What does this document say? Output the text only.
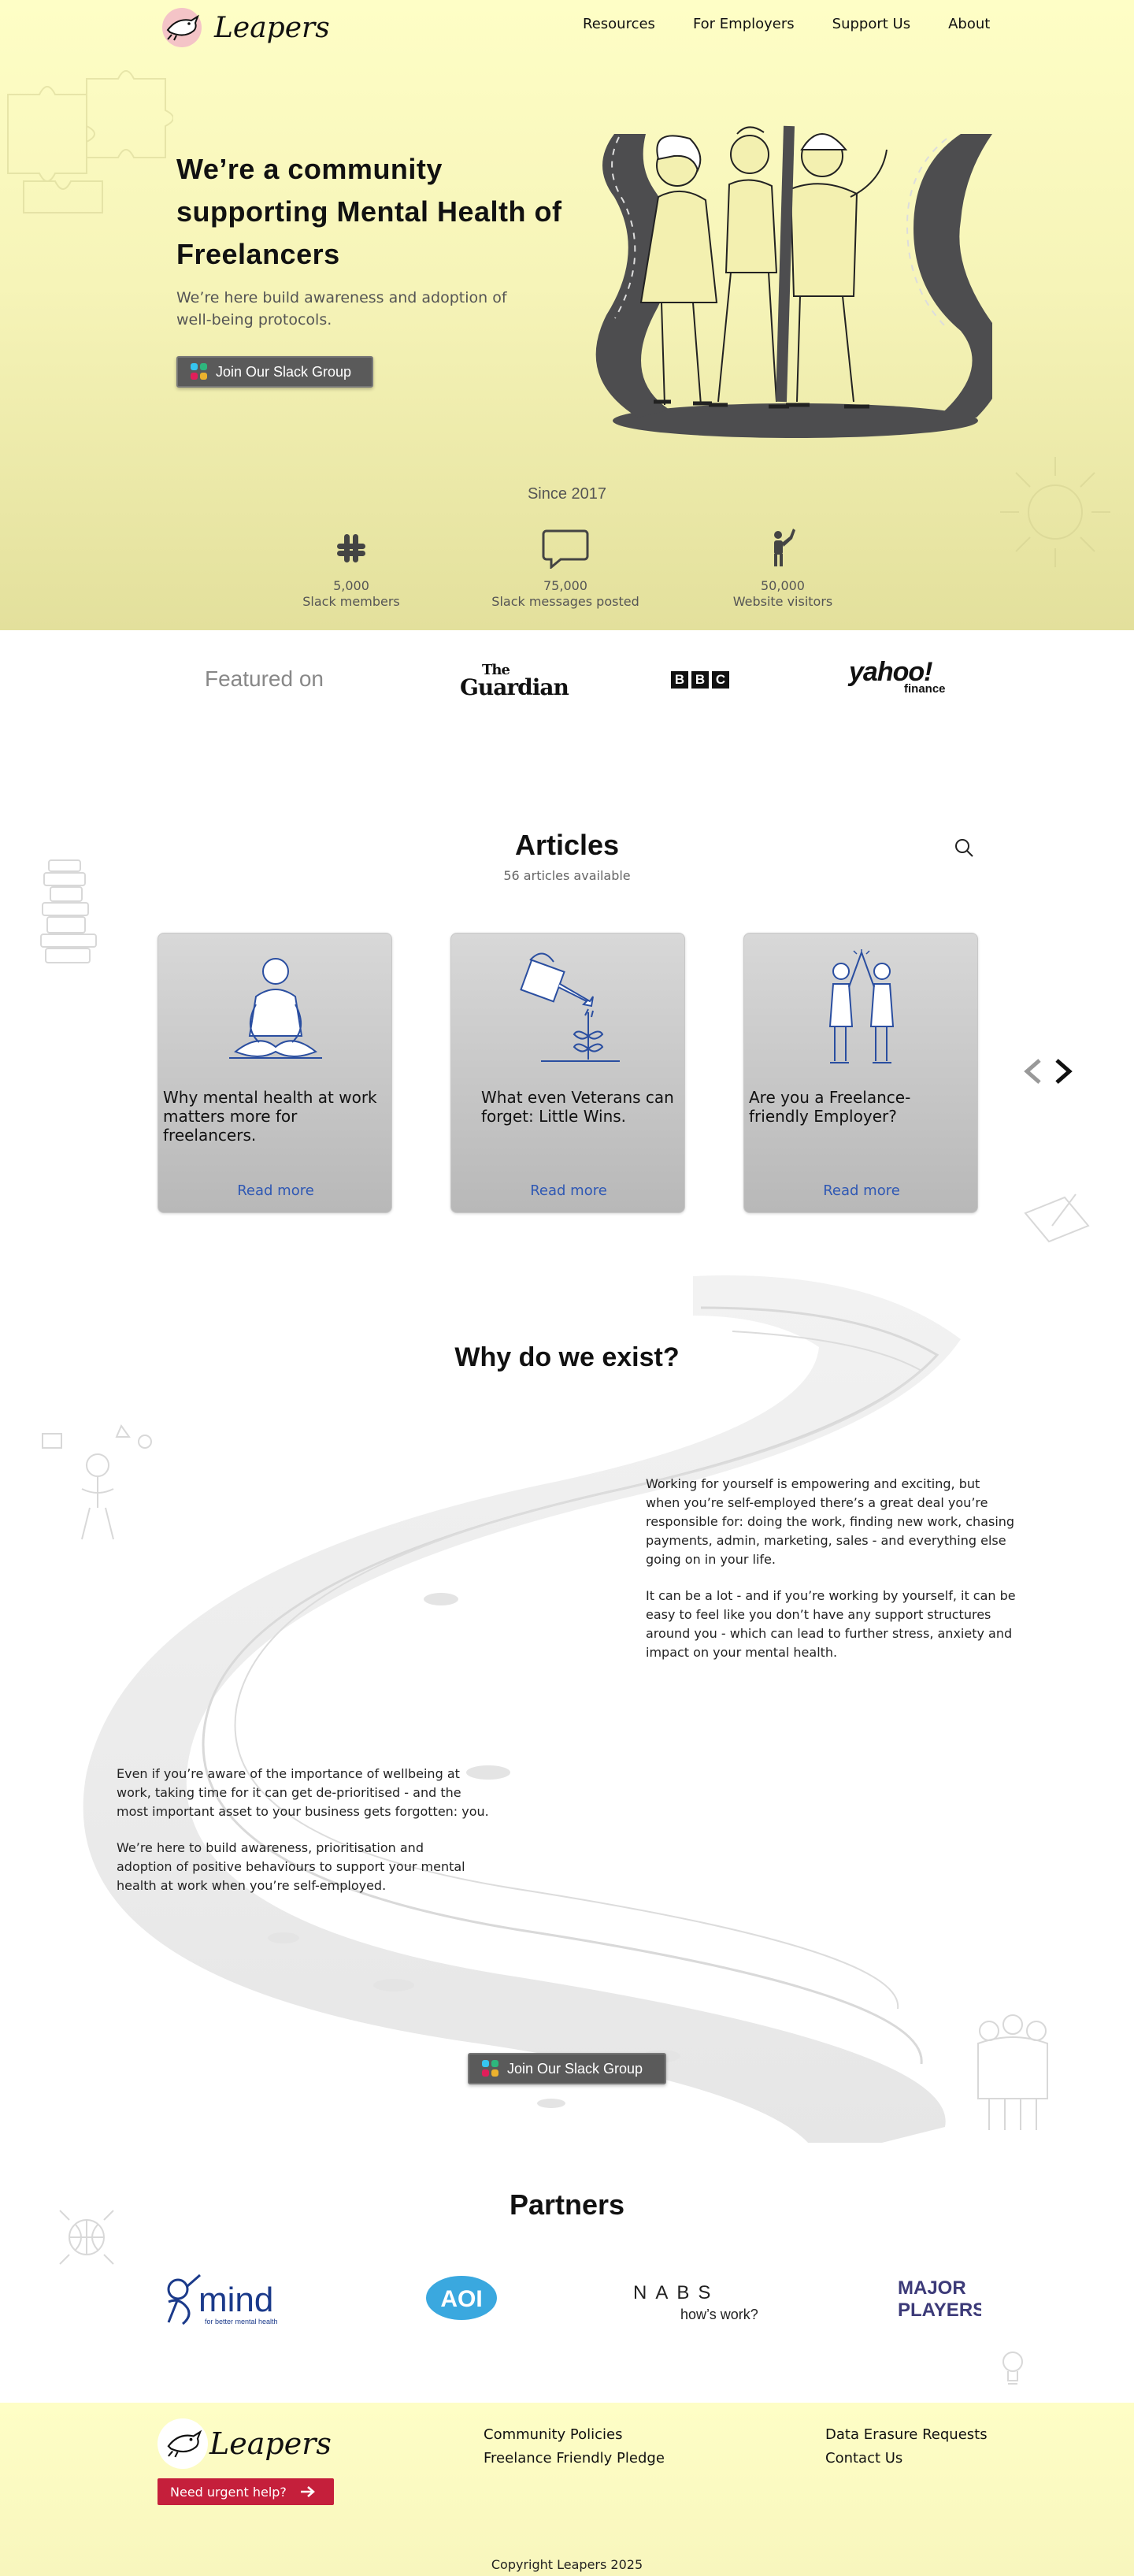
Leapers	Resources	For Employers	Support Us	About
We’re a community supporting Mental Health of Freelancers

We’re here build awareness and adoption of well-being protocols.

Join Our Slack Group
Since 2017
5,000
Slack members
75,000
Slack messages posted
50,000
Website visitors
Featured on	The
Guardian	B B C	yahoo!
finance
Articles
56 articles available
Why mental health at work matters more for freelancers.
Read more
What even Veterans can forget: Little Wins.
Read more
Are you a Freelance-friendly Employer?
Read more
Why do we exist?

Working for yourself is empowering and exciting, but when you’re self-employed there’s a great deal you’re responsible for: doing the work, finding new work, chasing payments, admin, marketing, sales - and everything else going on in your life.

It can be a lot - and if you’re working by yourself, it can be easy to feel like you don’t have any support structures around you - which can lead to further stress, anxiety and impact on your mental health.

Even if you’re aware of the importance of wellbeing at work, taking time for it can get de-prioritised - and the most important asset to your business gets forgotten: you.

We’re here to build awareness, prioritisation and adoption of positive behaviours to support your mental health at work when you’re self-employed.

Join Our Slack Group
Partners
mind
for better mental health
AOI	NABS
how’s work?
MAJOR
PLAYERS
Leapers
Need urgent help?
Community Policies
Freelance Friendly Pledge
Data Erasure Requests
Contact Us
Copyright Leapers 2025
